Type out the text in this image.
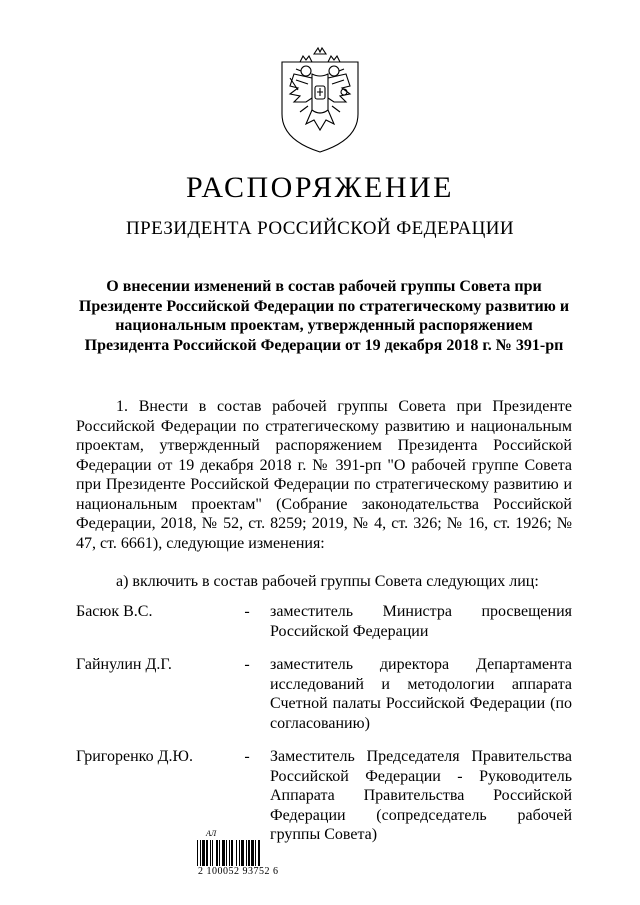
РАСПОРЯЖЕНИЕ
ПРЕЗИДЕНТА РОССИЙСКОЙ ФЕДЕРАЦИИ
О внесении изменений в состав рабочей группы Совета при Президенте Российской Федерации по стратегическому развитию и национальным проектам, утвержденный распоряжением Президента Российской Федерации от 19 декабря 2018 г. № 391-рп
1. Внести в состав рабочей группы Совета при Президенте Российской Федерации по стратегическому развитию и национальным проектам, утвержденный распоряжением Президента Российской Федерации от 19 декабря 2018 г. № 391-рп "О рабочей группе Совета при Президенте Российской Федерации по стратегическому развитию и национальным проектам" (Собрание законодательства Российской Федерации, 2018, № 52, ст. 8259; 2019, № 4, ст. 326; № 16, ст. 1926; № 47, ст. 6661), следующие изменения:
а) включить в состав рабочей группы Совета следующих лиц:
Басюк В.С.	- заместитель Министра просвещения Российской Федерации
Гайнулин Д.Г.	- заместитель директора Департамента исследований и методологии аппарата Счетной палаты Российской Федерации (по согласованию)
Григоренко Д.Ю.	- Заместитель Председателя Правительства Российской Федерации - Руководитель Аппарата Правительства Российской Федерации (сопредседатель рабочей группы Совета)
АЛ
2 100052 93752 6
